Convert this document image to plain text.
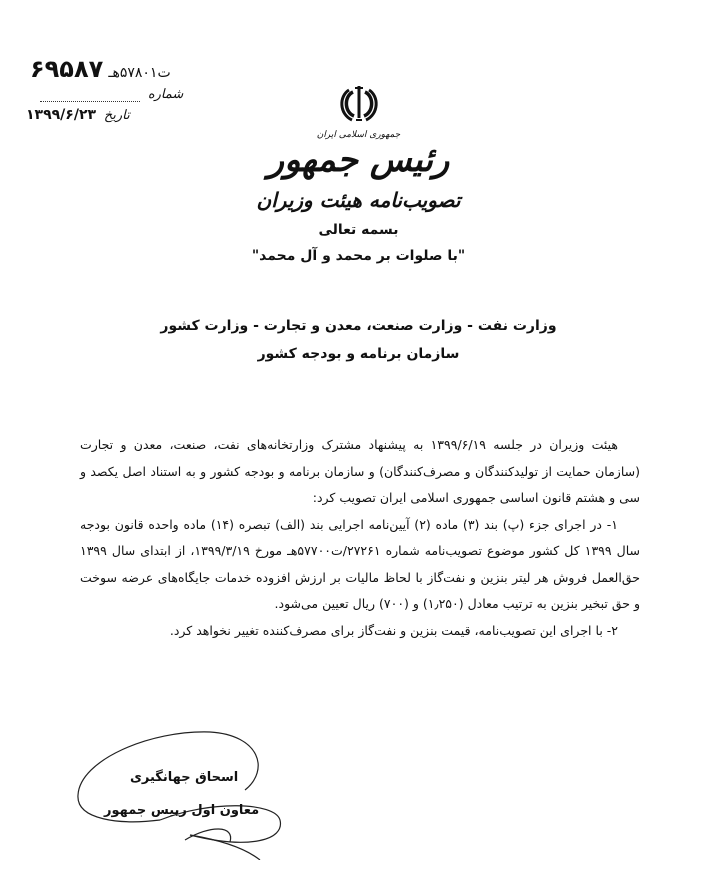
ت۵۷۸۰۱هـ ۶۹۵۸۷
شماره
تاریخ ۱۳۹۹/۶/۲۳
جمهوری اسلامی ایران
رئیس جمهور
تصویب‌نامه هیئت وزیران
بسمه تعالی
"با صلوات بر محمد و آل محمد"
وزارت نفت - وزارت صنعت، معدن و تجارت - وزارت کشور
سازمان برنامه و بودجه کشور

هیئت وزیران در جلسه ۱۳۹۹/۶/۱۹ به پیشنهاد مشترک وزارتخانه‌های نفت، صنعت، معدن و تجارت (سازمان حمایت از تولیدکنندگان و مصرف‌کنندگان) و سازمان برنامه و بودجه کشور و به استناد اصل یکصد و سی و هشتم قانون اساسی جمهوری اسلامی ایران تصویب کرد:

۱- در اجرای جزء (پ) بند (۳) ماده (۲) آیین‌نامه اجرایی بند (الف) تبصره (۱۴) ماده واحده قانون بودجه سال ۱۳۹۹ کل کشور موضوع تصویب‌نامه شماره ۲۷۲۶۱/ت۵۷۷۰۰هـ مورخ ۱۳۹۹/۳/۱۹، از ابتدای سال ۱۳۹۹ حق‌العمل فروش هر لیتر بنزین و نفت‌گاز با لحاظ مالیات بر ارزش افزوده خدمات جایگاه‌های عرضه سوخت و حق تبخیر بنزین به ترتیب معادل (۱٫۲۵۰) و (۷۰۰) ریال تعیین می‌شود.

۲- با اجرای این تصویب‌نامه، قیمت بنزین و نفت‌گاز برای مصرف‌کننده تغییر نخواهد کرد.

اسحاق جهانگیری
معاون اول رییس جمهور
